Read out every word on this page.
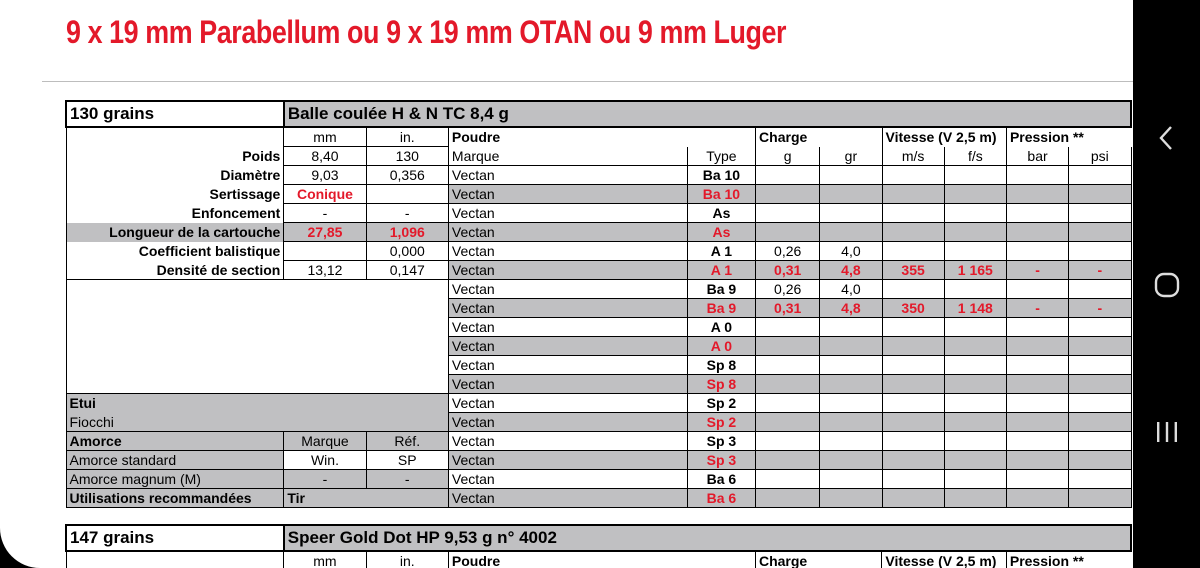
9 x 19 mm Parabellum ou 9 x 19 mm OTAN ou 9 mm Luger
130 grains	Balle coulée H & N TC 8,4 g									
	mm	in.	Poudre		Charge		Vitesse (V 2,5 m)		Pression **	
Poids	8,40	130	Marque	Type	g	gr	m/s	f/s	bar	psi
Diamètre	9,03	0,356	Vectan	Ba 10						
Sertissage	Conique		Vectan	Ba 10						
Enfoncement	-	-	Vectan	As						
Longueur de la cartouche	27,85	1,096	Vectan	As						
Coefficient balistique		0,000	Vectan	A 1	0,26	4,0				
Densité de section	13,12	0,147	Vectan	A 1	0,31	4,8	355	1 165	-	-
			Vectan	Ba 9	0,26	4,0				
			Vectan	Ba 9	0,31	4,8	350	1 148	-	-
			Vectan	A 0						
			Vectan	A 0						
			Vectan	Sp 8						
			Vectan	Sp 8						
Etui			Vectan	Sp 2						
Fiocchi			Vectan	Sp 2						
Amorce	Marque	Réf.	Vectan	Sp 3						
Amorce standard	Win.	SP	Vectan	Sp 3						
Amorce magnum (M)	-	-	Vectan	Ba 6						
Utilisations recommandées	Tir		Vectan	Ba 6						
147 grains	Speer Gold Dot HP 9,53 g n° 4002							
	mm	in.	Poudre		Charge		Vitesse (V 2,5 m)	Pression **
